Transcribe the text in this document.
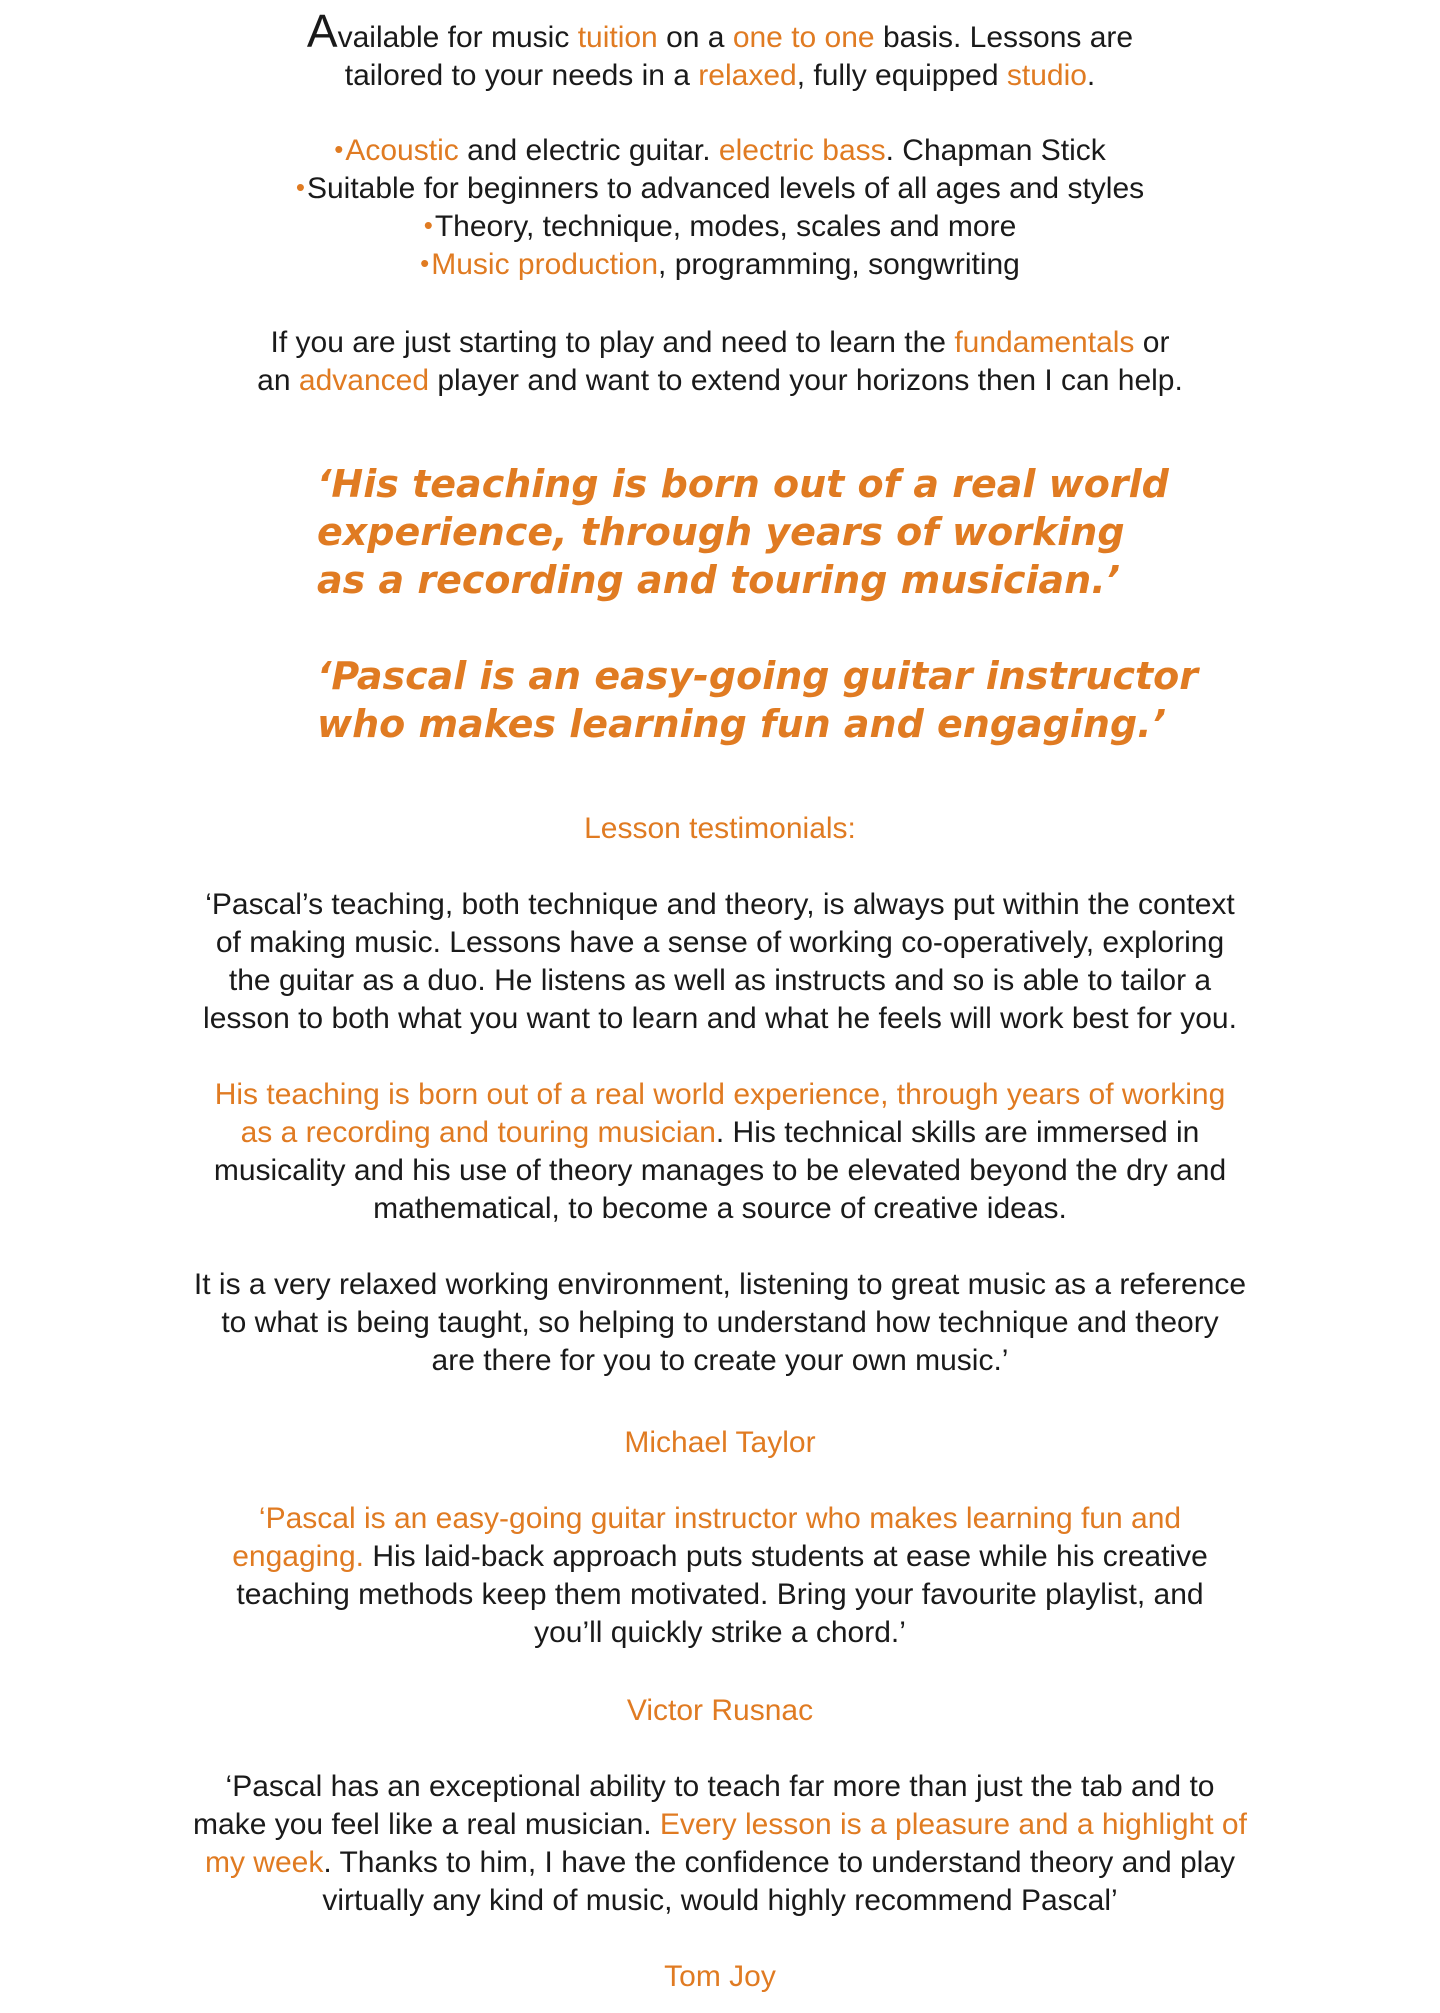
Available for music tuition on a one to one basis. Lessons are
tailored to your needs in a relaxed, fully equipped studio.

•Acoustic and electric guitar. electric bass. Chapman Stick
•Suitable for beginners to advanced levels of all ages and styles
•Theory, technique, modes, scales and more
•Music production, programming, songwriting

If you are just starting to play and need to learn the fundamentals or
an advanced player and want to extend your horizons then I can help.

‘His teaching is born out of a real world
experience, through years of working
as a recording and touring musician.’

‘Pascal is an easy-going guitar instructor
who makes learning fun and engaging.’

Lesson testimonials:

‘Pascal’s teaching, both technique and theory, is always put within the context
of making music. Lessons have a sense of working co-operatively, exploring
the guitar as a duo. He listens as well as instructs and so is able to tailor a
lesson to both what you want to learn and what he feels will work best for you.

His teaching is born out of a real world experience, through years of working
as a recording and touring musician. His technical skills are immersed in
musicality and his use of theory manages to be elevated beyond the dry and
mathematical, to become a source of creative ideas.

It is a very relaxed working environment, listening to great music as a reference
to what is being taught, so helping to understand how technique and theory
are there for you to create your own music.’

Michael Taylor

‘Pascal is an easy-going guitar instructor who makes learning fun and
engaging. His laid-back approach puts students at ease while his creative
teaching methods keep them motivated. Bring your favourite playlist, and
you’ll quickly strike a chord.’

Victor Rusnac

‘Pascal has an exceptional ability to teach far more than just the tab and to
make you feel like a real musician. Every lesson is a pleasure and a highlight of
my week. Thanks to him, I have the confidence to understand theory and play
virtually any kind of music, would highly recommend Pascal’

Tom Joy
